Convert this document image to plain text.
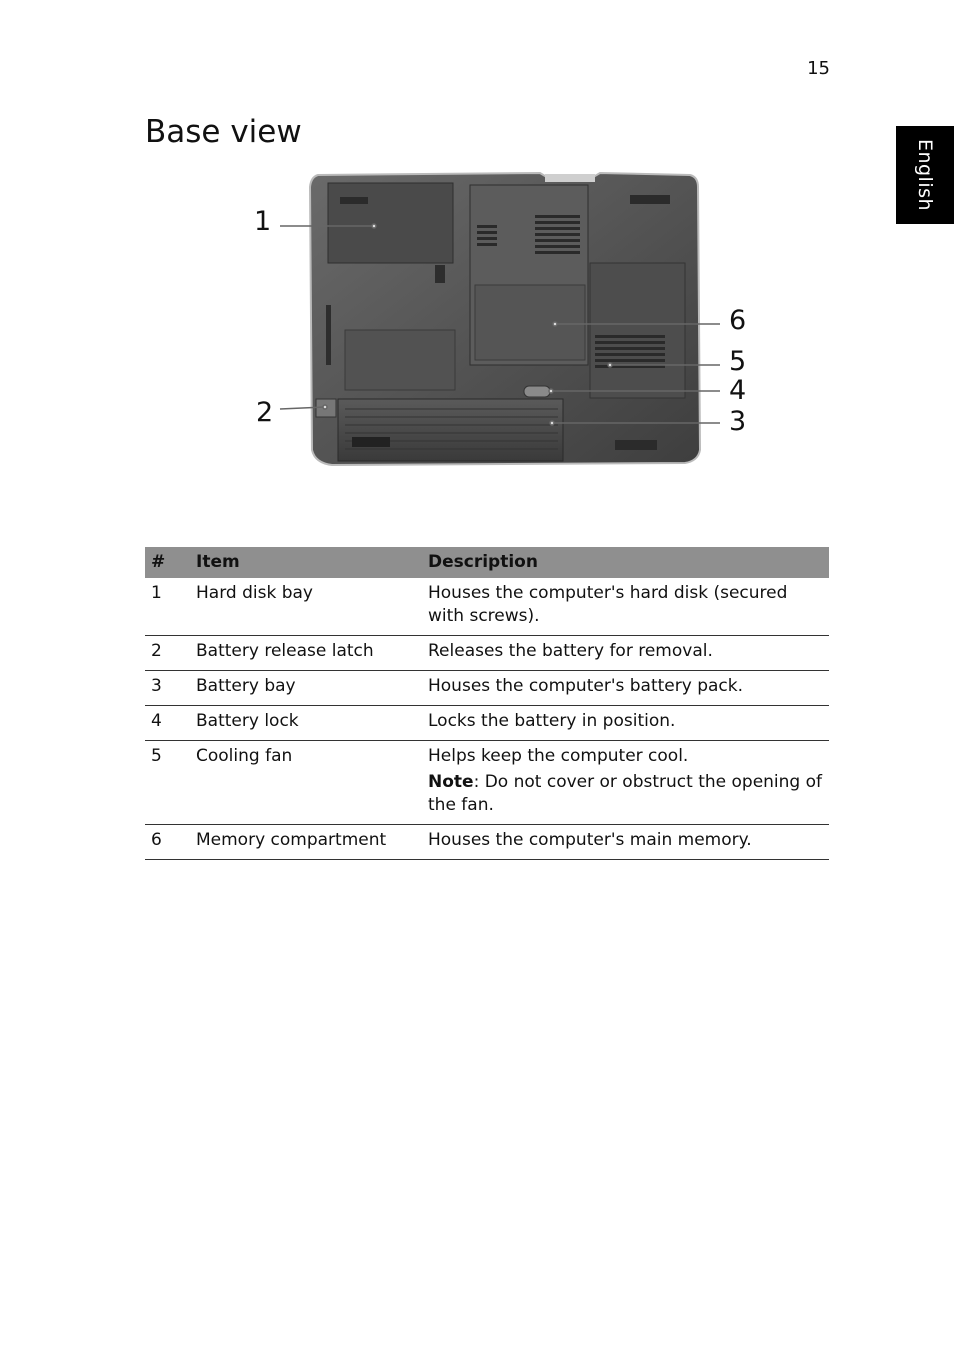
15
English
Base view
1
2	3
4
5
6
#	Item	Description
1	Hard disk bay	Houses the computer's hard disk (secured with screws).
2	Battery release latch	Releases the battery for removal.
3	Battery bay	Houses the computer's battery pack.
4	Battery lock	Locks the battery in position.
5	Cooling fan	Helps keep the computer cool.

Note: Do not cover or obstruct the opening of the fan.

6	Memory compartment	Houses the computer's main memory.
